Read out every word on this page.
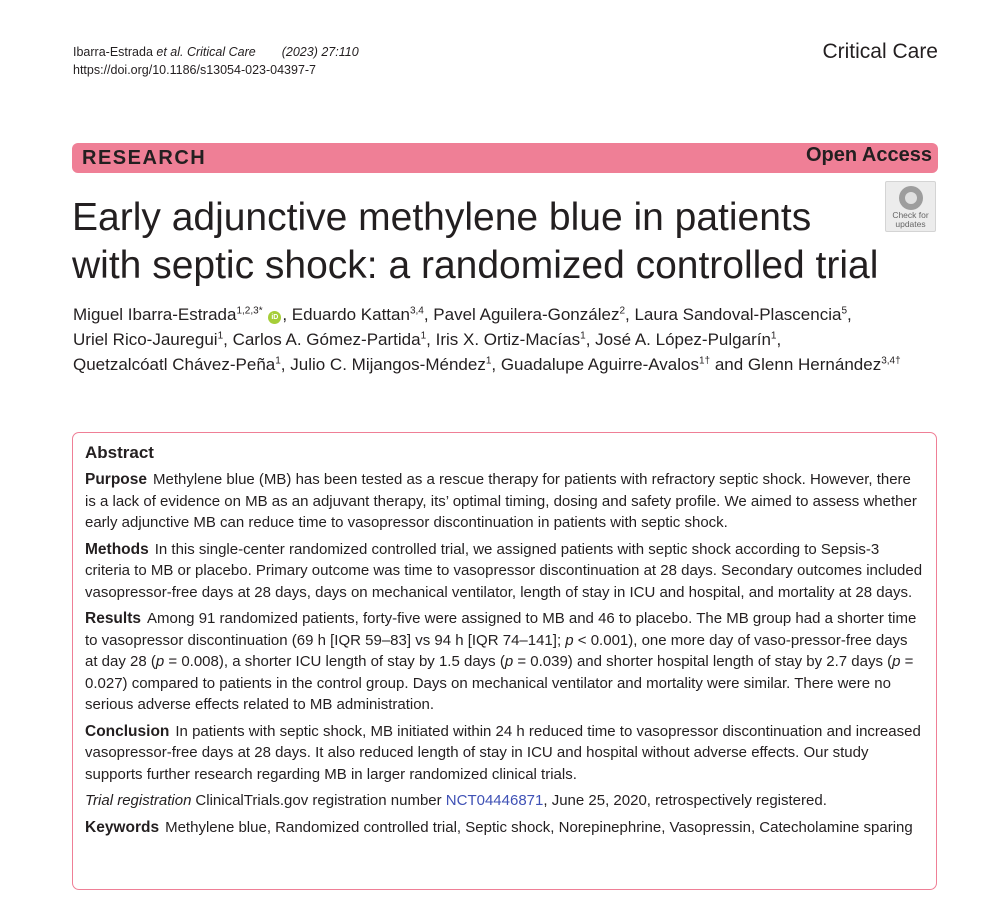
Ibarra-Estrada et al. Critical Care (2023) 27:110
https://doi.org/10.1186/s13054-023-04397-7
Critical Care
RESEARCH	Open Access
Check for
updates
Early adjunctive methylene blue in patients
with septic shock: a randomized controlled trial
Miguel Ibarra-Estrada$^{1,2,3*}$ iD , Eduardo Kattan$^{3,4}$, Pavel Aguilera-González$^2$, Laura Sandoval-Plascencia$^5$,
Uriel Rico-Jauregui$^1$, Carlos A. Gómez-Partida$^1$, Iris X. Ortiz-Macías$^1$, José A. López-Pulgarín$^1$,
Quetzalcóatl Chávez-Peña$^1$, Julio C. Mijangos-Méndez$^1$, Guadalupe Aguirre-Avalos$^{1\dagger}$ and Glenn Hernández$^{3,4\dagger}$
Abstract
Purpose Methylene blue (MB) has been tested as a rescue therapy for patients with refractory septic shock. However, there is a lack of evidence on MB as an adjuvant therapy, its’ optimal timing, dosing and safety profile. We aimed to assess whether early adjunctive MB can reduce time to vasopressor discontinuation in patients with septic shock.
Methods In this single-center randomized controlled trial, we assigned patients with septic shock according to Sepsis-3 criteria to MB or placebo. Primary outcome was time to vasopressor discontinuation at 28 days. Secondary outcomes included vasopressor-free days at 28 days, days on mechanical ventilator, length of stay in ICU and hospital, and mortality at 28 days.
Results Among 91 randomized patients, forty-five were assigned to MB and 46 to placebo. The MB group had a shorter time to vasopressor discontinuation (69 h [IQR 59–83] vs 94 h [IQR 74–141]; p < 0.001), one more day of vaso-pressor-free days at day 28 (p = 0.008), a shorter ICU length of stay by 1.5 days (p = 0.039) and shorter hospital length of stay by 2.7 days (p = 0.027) compared to patients in the control group. Days on mechanical ventilator and mortality were similar. There were no serious adverse effects related to MB administration.
Conclusion In patients with septic shock, MB initiated within 24 h reduced time to vasopressor discontinuation and increased vasopressor-free days at 28 days. It also reduced length of stay in ICU and hospital without adverse effects. Our study supports further research regarding MB in larger randomized clinical trials.
Trial registration ClinicalTrials.gov registration number NCT04446871, June 25, 2020, retrospectively registered.
Keywords Methylene blue, Randomized controlled trial, Septic shock, Norepinephrine, Vasopressin, Catecholamine sparing
